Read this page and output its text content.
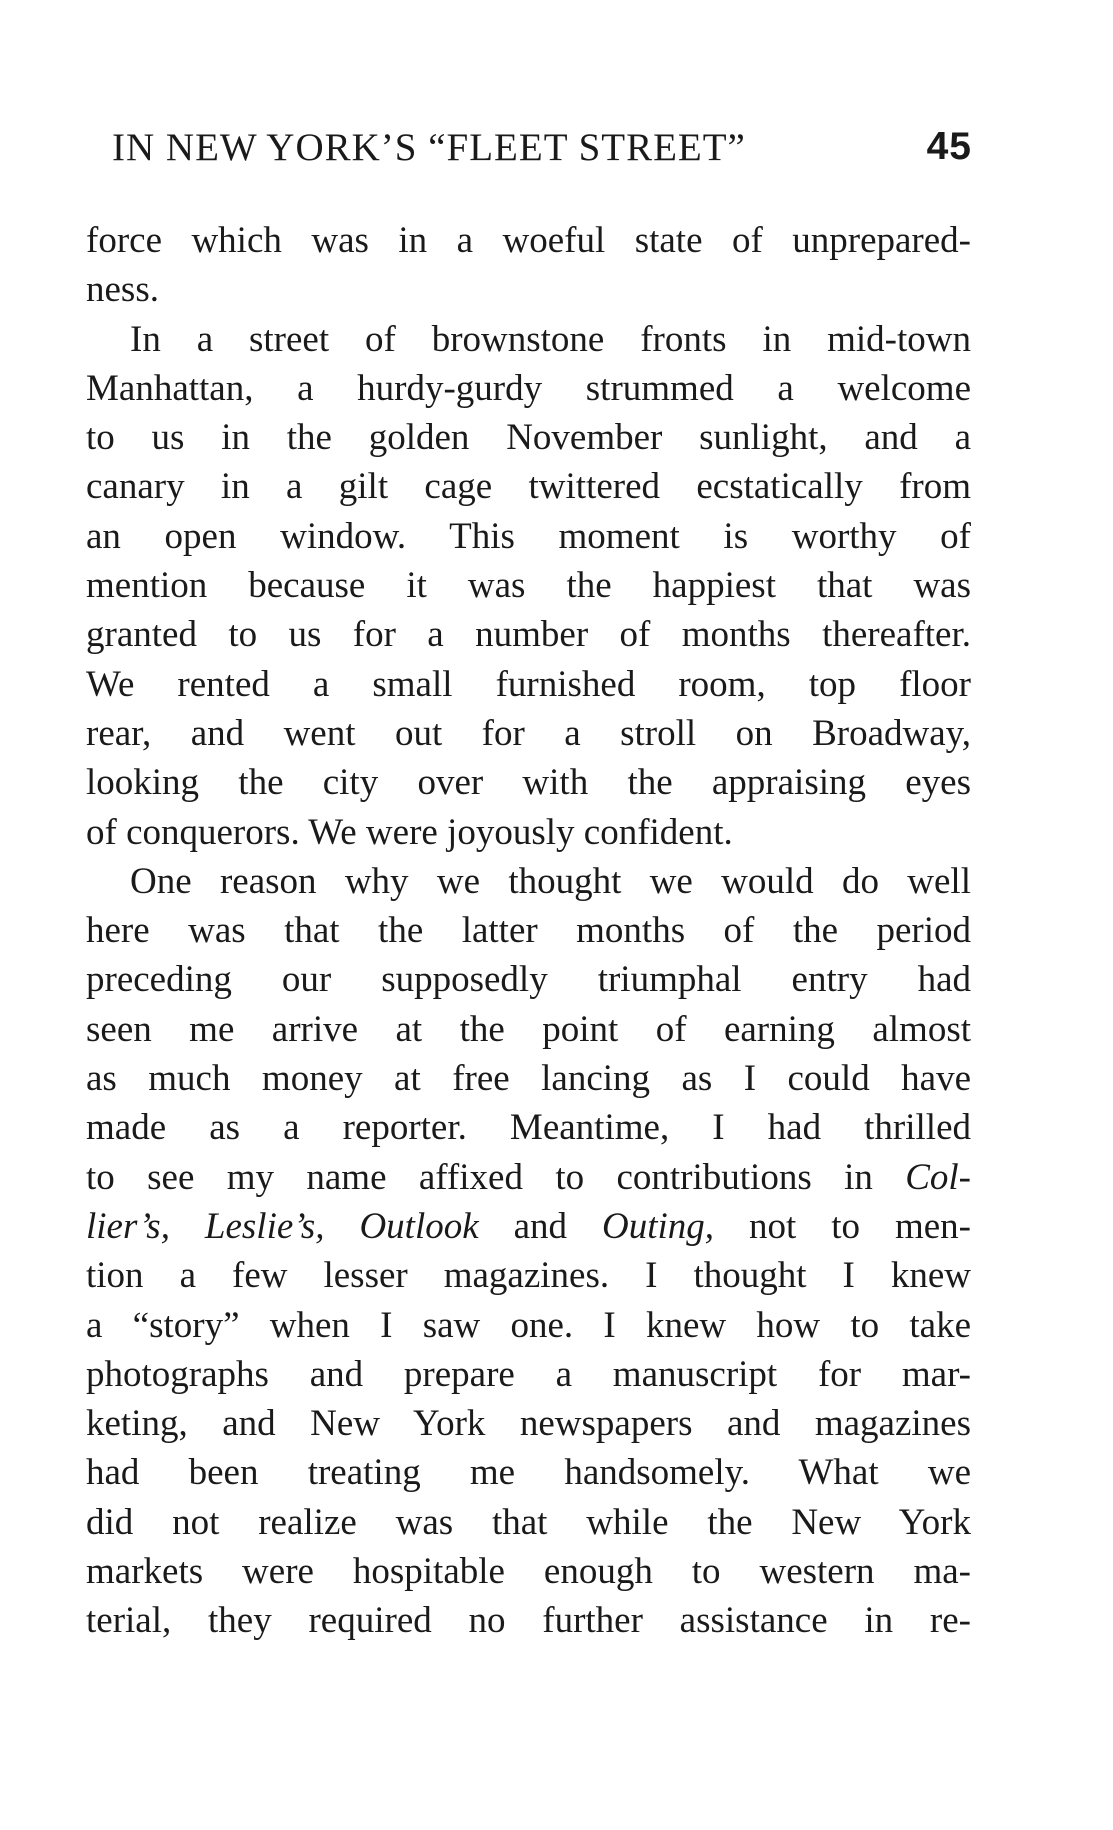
IN NEW YORK’S “FLEET STREET”	45
force which was in a woeful state of unprepared-
ness.
In a street of brownstone fronts in mid-town
Manhattan, a hurdy-gurdy strummed a welcome
to us in the golden November sunlight, and a
canary in a gilt cage twittered ecstatically from
an open window. This moment is worthy of
mention because it was the happiest that was
granted to us for a number of months thereafter.
We rented a small furnished room, top floor
rear, and went out for a stroll on Broadway,
looking the city over with the appraising eyes
of conquerors. We were joyously confident.
One reason why we thought we would do well
here was that the latter months of the period
preceding our supposedly triumphal entry had
seen me arrive at the point of earning almost
as much money at free lancing as I could have
made as a reporter. Meantime, I had thrilled
to see my name affixed to contributions in Col-
lier’s, Leslie’s, Outlook and Outing, not to men-
tion a few lesser magazines. I thought I knew
a “story” when I saw one. I knew how to take
photographs and prepare a manuscript for mar-
keting, and New York newspapers and magazines
had been treating me handsomely. What we
did not realize was that while the New York
markets were hospitable enough to western ma-
terial, they required no further assistance in re-
